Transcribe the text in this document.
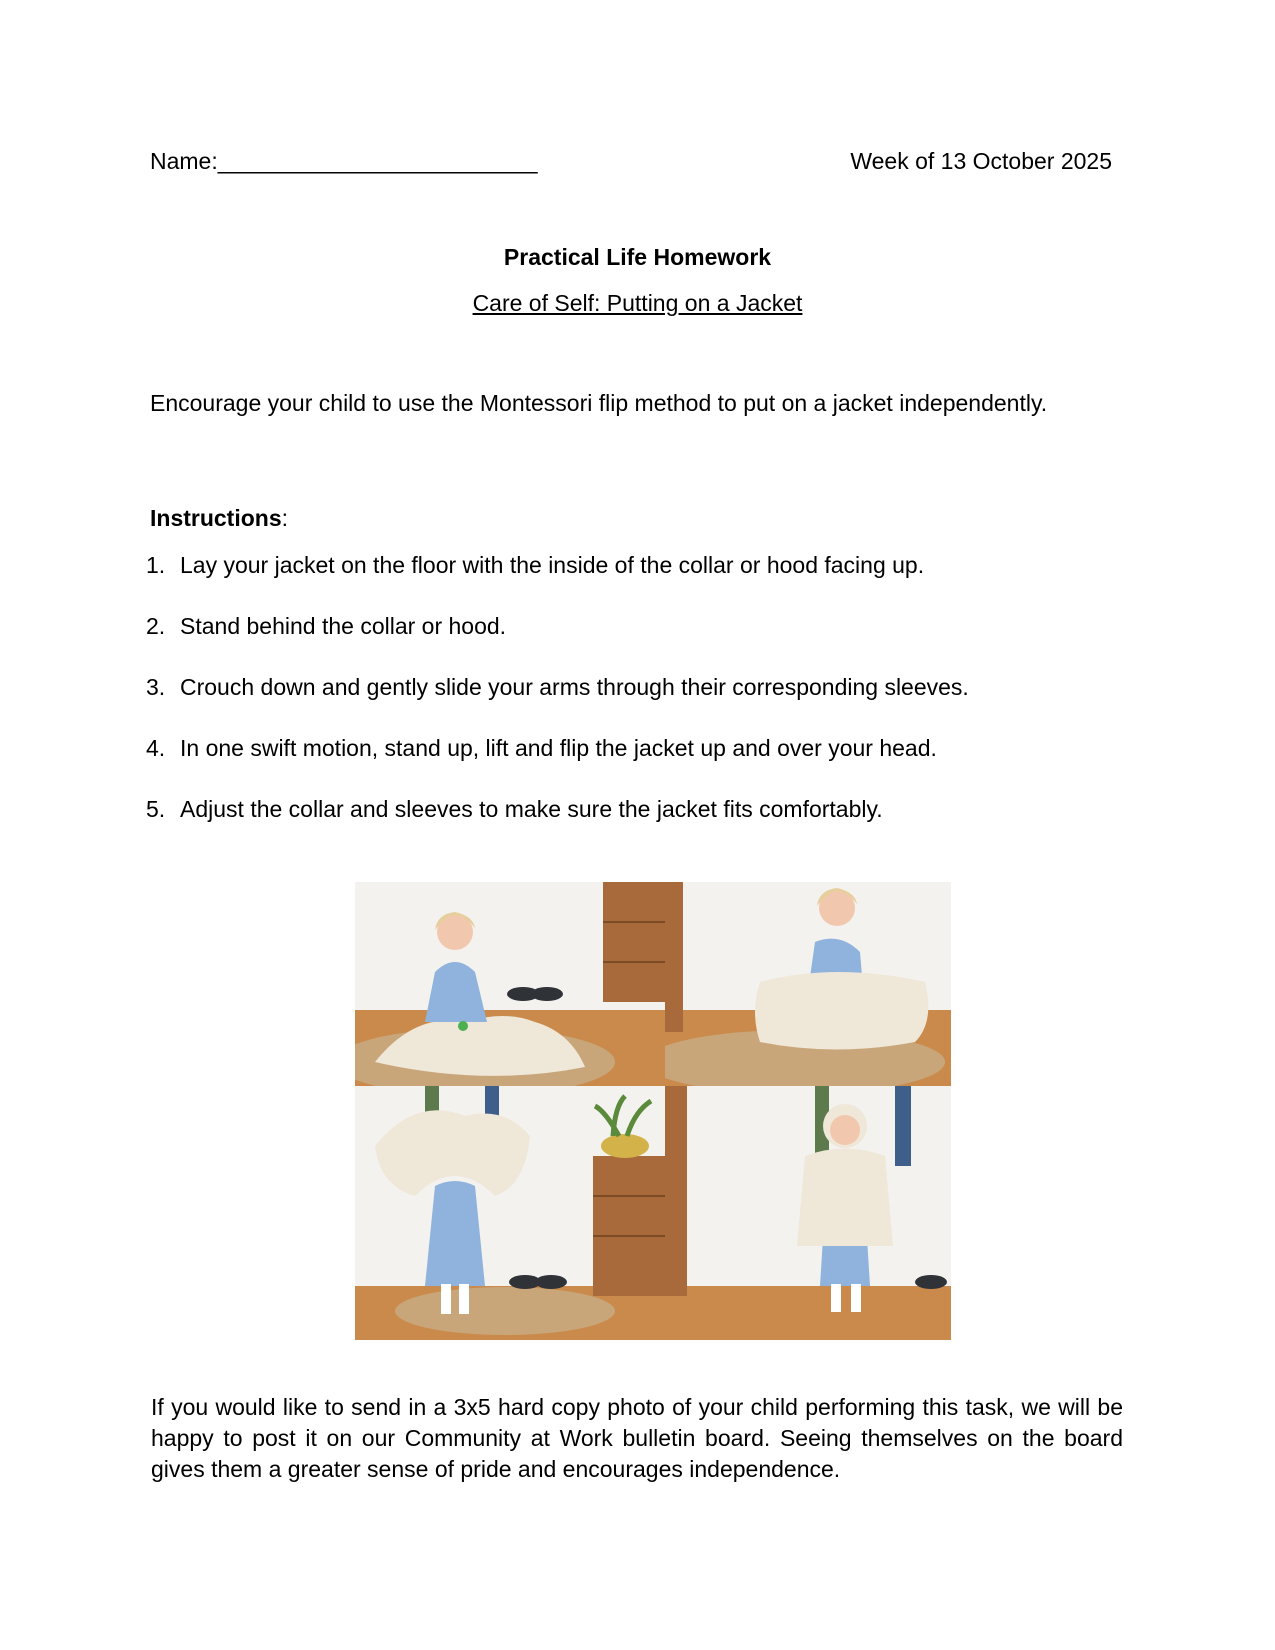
Name:_________________________	Week of 13 October 2025
Practical Life Homework
Care of Self: Putting on a Jacket
Encourage your child to use the Montessori flip method to put on a jacket independently.
Instructions:
1. Lay your jacket on the floor with the inside of the collar or hood facing up.
2. Stand behind the collar or hood.
3. Crouch down and gently slide your arms through their corresponding sleeves.
4. In one swift motion, stand up, lift and flip the jacket up and over your head.
5. Adjust the collar and sleeves to make sure the jacket fits comfortably.
If you would like to send in a 3x5 hard copy photo of your child performing this task, we will be happy to post it on our Community at Work bulletin board. Seeing themselves on the board gives them a greater sense of pride and encourages independence.
